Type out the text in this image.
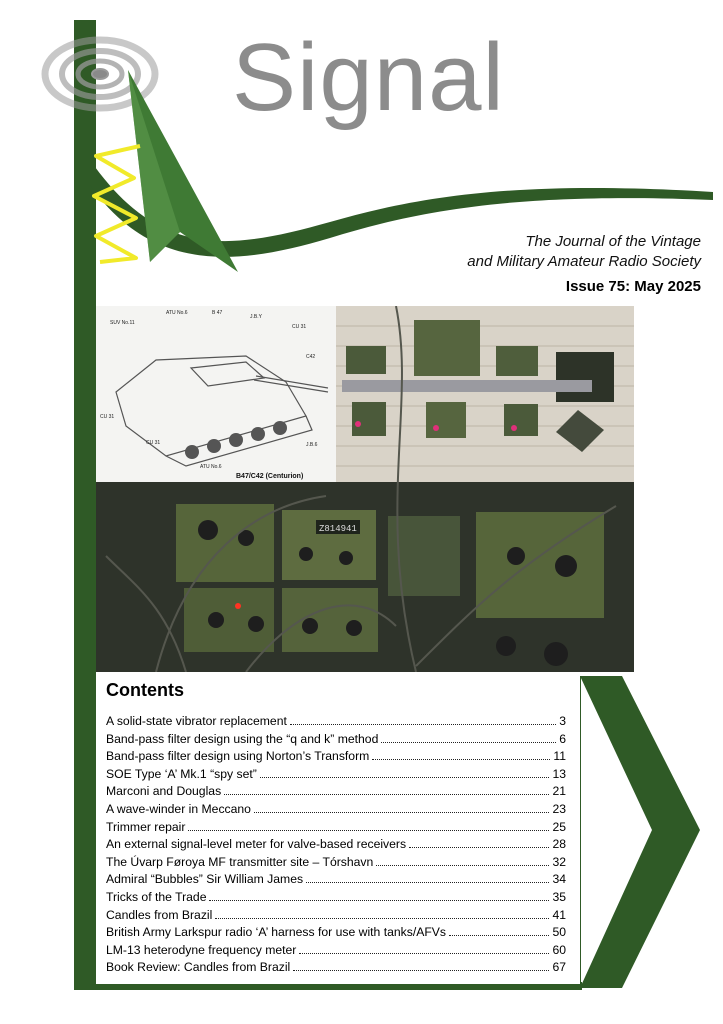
Signal
The Journal of the Vintage
and Military Amateur Radio Society
Issue 75: May 2025
Z814941
ATU No.6	B 47
SUV No.11
J.B.Y
CU 31
C42
CU 31
CU 31
ATU No.6
J.B.6
B47/C42 (Centurion)
Contents
A solid-state vibrator replacement	3
Band-pass filter design using the “q and k” method	6
Band-pass filter design using Norton’s Transform	11
SOE Type ‘A’ Mk.1 “spy set”	13
Marconi and Douglas	21
A wave-winder in Meccano	23
Trimmer repair	25
An external signal-level meter for valve-based receivers	28
The Úvarp Føroya MF transmitter site – Tórshavn	32
Admiral “Bubbles” Sir William James	34
Tricks of the Trade	35
Candles from Brazil	41
British Army Larkspur radio ‘A’ harness for use with tanks/AFVs	50
LM-13 heterodyne frequency meter	60
Book Review: Candles from Brazil	67
